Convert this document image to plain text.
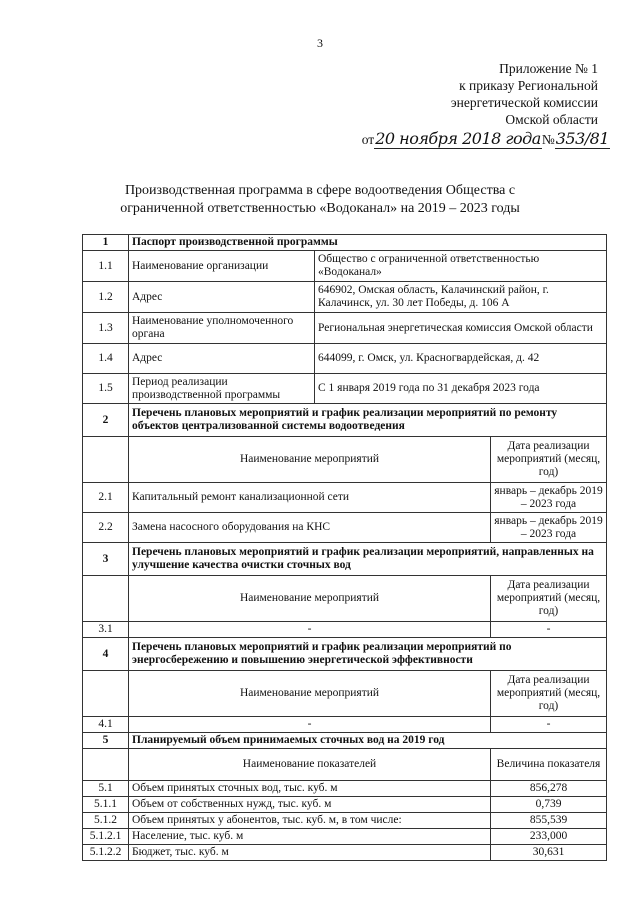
3
Приложение № 1
к приказу Региональной
энергетической комиссии
Омской области
от 20 ноября 2018 года № 353/81
Производственная программа в сфере водоотведения Общества с
ограниченной ответственностью «Водоканал» на 2019 – 2023 годы
1	Паспорт производственной программы		
1.1	Наименование организации	Общество с ограниченной ответственностью «Водоканал»	
1.2	Адрес	646902, Омская область, Калачинский район, г. Калачинск, ул. 30 лет Победы, д. 106 А	
1.3	Наименование уполномоченного органа	Региональная энергетическая комиссия Омской области	
1.4	Адрес	644099, г. Омск, ул. Красногвардейская, д. 42	
1.5	Период реализации производственной программы	С 1 января 2019 года по 31 декабря 2023 года	
2	Перечень плановых мероприятий и график реализации мероприятий по ремонту объектов централизованной системы водоотведения		
	Наименование мероприятий		Дата реализации мероприятий (месяц, год)
2.1	Капитальный ремонт канализационной сети		январь – декабрь 2019 – 2023 года
2.2	Замена насосного оборудования на КНС		январь – декабрь 2019 – 2023 года
3	Перечень плановых мероприятий и график реализации мероприятий, направленных на улучшение качества очистки сточных вод		
	Наименование мероприятий		Дата реализации мероприятий (месяц, год)
3.1	-		-
4	Перечень плановых мероприятий и график реализации мероприятий по энергосбережению и повышению энергетической эффективности		
	Наименование мероприятий		Дата реализации мероприятий (месяц, год)
4.1	-		-
5	Планируемый объем принимаемых сточных вод на 2019 год		
	Наименование показателей		Величина показателя
5.1	Объем принятых сточных вод, тыс. куб. м		856,278
5.1.1	Объем от собственных нужд, тыс. куб. м		0,739
5.1.2	Объем принятых у абонентов, тыс. куб. м, в том числе:		855,539
5.1.2.1	Население, тыс. куб. м		233,000
5.1.2.2	Бюджет, тыс. куб. м		30,631
